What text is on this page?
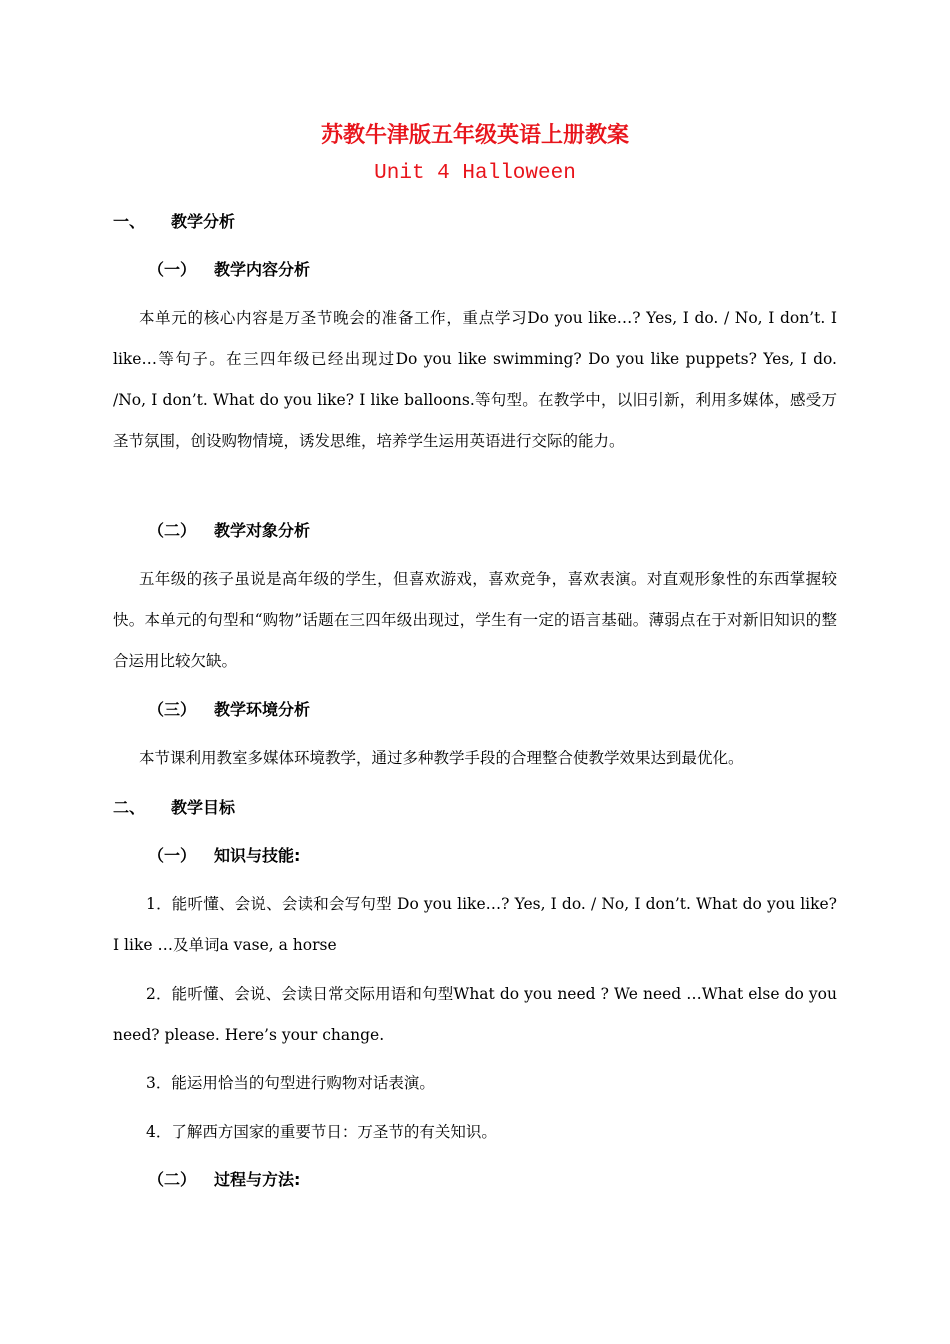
苏教牛津版五年级英语上册教案
Unit 4 Halloween
一、 教学分析
（一） 教学内容分析
本单元的核心内容是万圣节晚会的准备工作，重点学习Do you like…? Yes, I do. / No, I don’t. I like…等句子。在三四年级已经出现过Do you like swimming? Do you like puppets? Yes, I do. /No, I don’t. What do you like? I like balloons.等句型。在教学中，以旧引新，利用多媒体，感受万圣节氛围，创设购物情境，诱发思维，培养学生运用英语进行交际的能力。
（二） 教学对象分析
五年级的孩子虽说是高年级的学生，但喜欢游戏，喜欢竞争，喜欢表演。对直观形象性的东西掌握较快。本单元的句型和“购物”话题在三四年级出现过，学生有一定的语言基础。薄弱点在于对新旧知识的整合运用比较欠缺。
（三） 教学环境分析
本节课利用教室多媒体环境教学，通过多种教学手段的合理整合使教学效果达到最优化。
二、 教学目标
（一） 知识与技能:
1．能听懂、会说、会读和会写句型 Do you like…? Yes, I do. / No, I don’t. What do you like? I like …及单词a vase, a horse
2．能听懂、会说、会读日常交际用语和句型What do you need ? We need …What else do you need? please. Here’s your change.
3．能运用恰当的句型进行购物对话表演。
4．了解西方国家的重要节日：万圣节的有关知识。
（二） 过程与方法:
